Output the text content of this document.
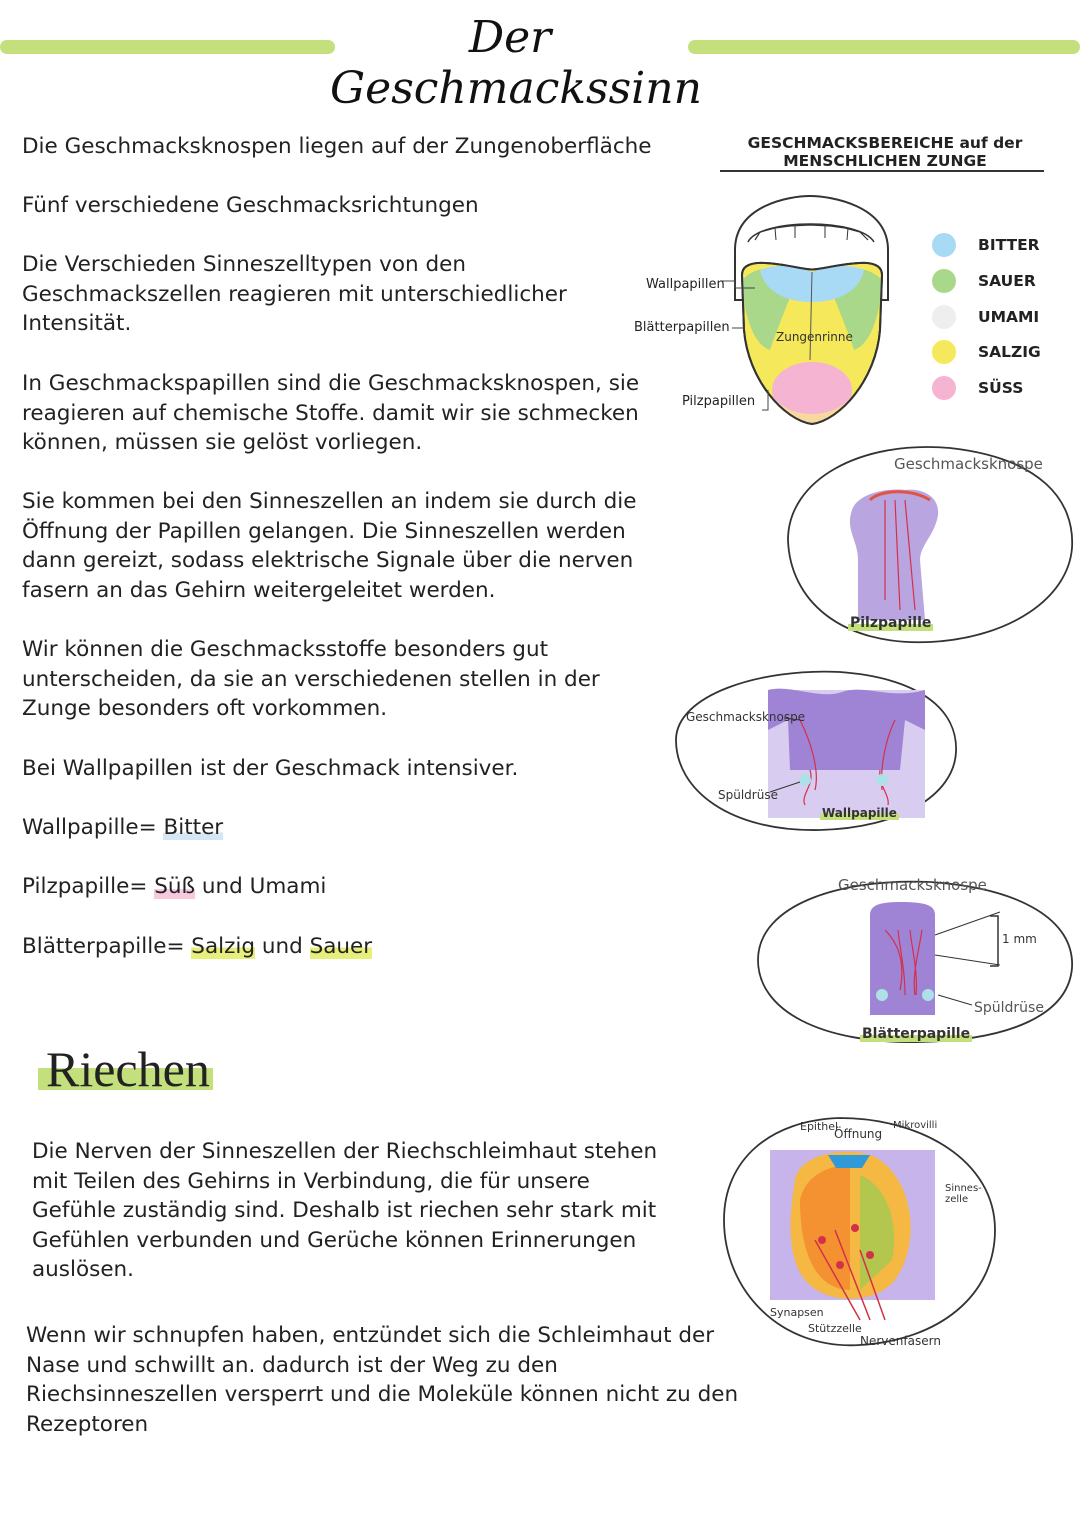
Der Geschmackssinn

Die Geschmacksknospen liegen auf der Zungenoberfläche

Fünf verschiedene Geschmacksrichtungen

Die Verschieden Sinneszelltypen von den
Geschmackszellen reagieren mit unterschiedlicher
Intensität.

In Geschmackspapillen sind die Geschmacksknospen, sie
reagieren auf chemische Stoffe. damit wir sie schmecken
können, müssen sie gelöst vorliegen.

Sie kommen bei den Sinneszellen an indem sie durch die
Öffnung der Papillen gelangen. Die Sinneszellen werden
dann gereizt, sodass elektrische Signale über die nerven
fasern an das Gehirn weitergeleitet werden.

Wir können die Geschmacksstoffe besonders gut
unterscheiden, da sie an verschiedenen stellen in der
Zunge besonders oft vorkommen.

Bei Wallpapillen ist der Geschmack intensiver.

Wallpapille= Bitter

Pilzpapille= Süß und Umami

Blätterpapille= Salzig und Sauer

Riechen

Die Nerven der Sinneszellen der Riechschleimhaut stehen
mit Teilen des Gehirns in Verbindung, die für unsere
Gefühle zuständig sind. Deshalb ist riechen sehr stark mit
Gefühlen verbunden und Gerüche können Erinnerungen
auslösen.

Wenn wir schnupfen haben, entzündet sich die Schleimhaut der
Nase und schwillt an. dadurch ist der Weg zu den
Riechsinneszellen versperrt und die Moleküle können nicht zu den
Rezeptoren

GESCHMACKSBEREICHE auf der
MENSCHLICHEN ZUNGE
Wallpapillen
Blätterpapillen
Pilzpapillen
Zungenrinne
BITTER
SAUER
UMAMI
SALZIG
SÜSS
Geschmacksknospe
Pilzpapille
Geschmacksknospe
Spüldrüse
Wallpapille
Geschmacksknospe
1 mm
Spüldrüse
Blätterpapille
Epithel
Öffnung
Mikrovilli
Sinnes-
zelle
Synapsen
Stützzelle
Nervenfasern
